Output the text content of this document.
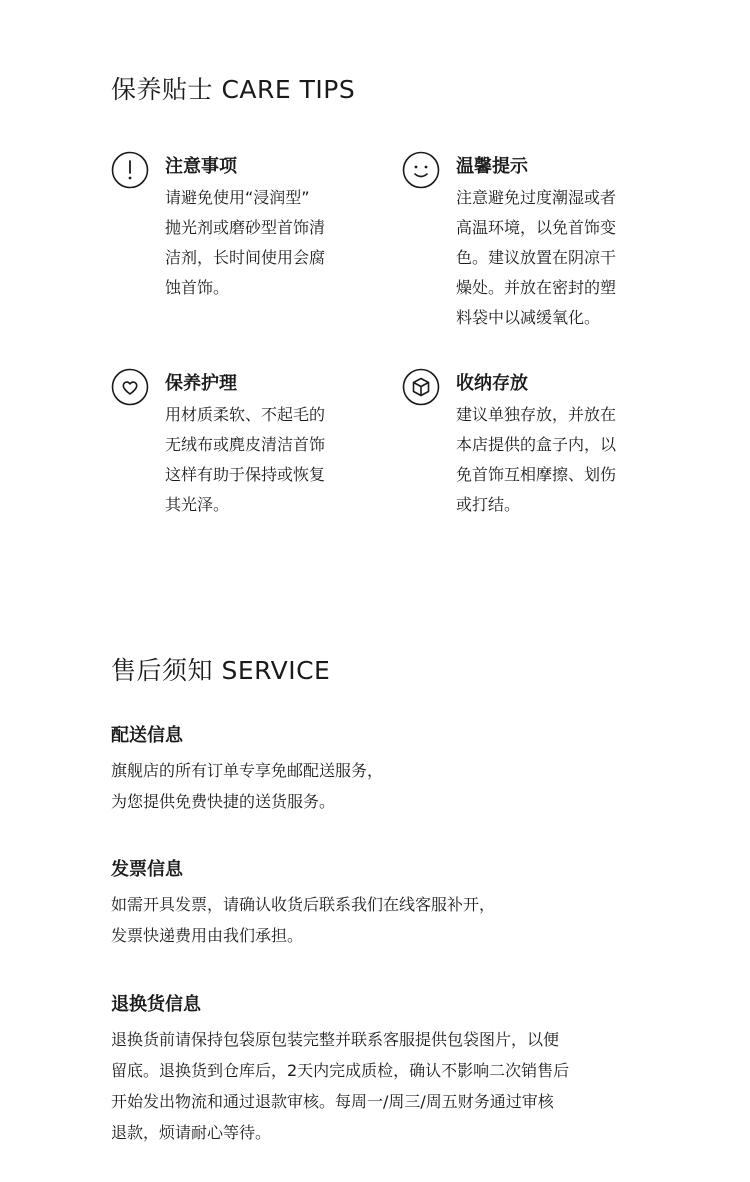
保养贴士 CARE TIPS
注意事项

请避免使用“浸润型”
抛光剂或磨砂型首饰清
洁剂，长时间使用会腐
蚀首饰。

温馨提示

注意避免过度潮湿或者
高温环境，以免首饰变
色。建议放置在阴凉干
燥处。并放在密封的塑
料袋中以减缓氧化。

保养护理

用材质柔软、不起毛的
无绒布或麂皮清洁首饰
这样有助于保持或恢复
其光泽。

收纳存放

建议单独存放，并放在
本店提供的盒子内，以
免首饰互相摩擦、划伤
或打结。

售后须知 SERVICE
配送信息

旗舰店的所有订单专享免邮配送服务，
为您提供免费快捷的送货服务。

发票信息

如需开具发票，请确认收货后联系我们在线客服补开，
发票快递费用由我们承担。

退换货信息

退换货前请保持包袋原包装完整并联系客服提供包袋图片，以便
留底。退换货到仓库后，2天内完成质检，确认不影响二次销售后
开始发出物流和通过退款审核。每周一/周三/周五财务通过审核
退款，烦请耐心等待。
